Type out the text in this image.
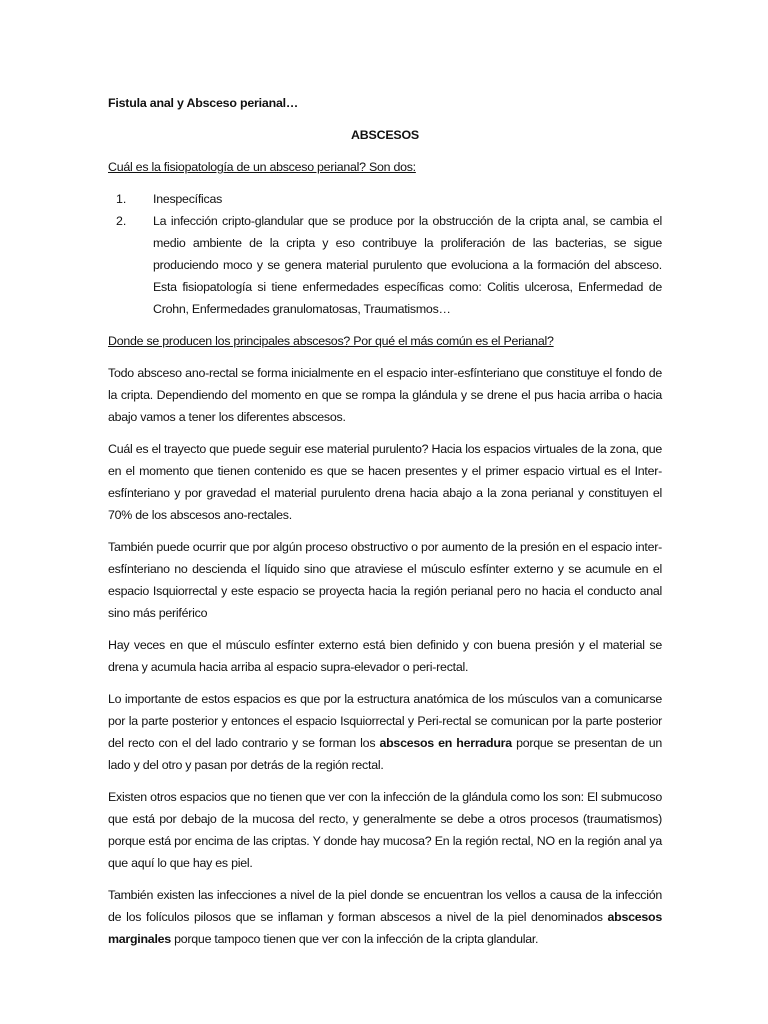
Fistula anal y Absceso perianal…

ABSCESOS

Cuál es la fisiopatología de un absceso perianal? Son dos:

1.	Inespecíficas
2.	La infección cripto-glandular que se produce por la obstrucción de la cripta anal, se cambia el medio ambiente de la cripta y eso contribuye la proliferación de las bacterias, se sigue produciendo moco y se genera material purulento que evoluciona a la formación del absceso. Esta fisiopatología si tiene enfermedades específicas como: Colitis ulcerosa, Enfermedad de Crohn, Enfermedades granulomatosas, Traumatismos…

Donde se producen los principales abscesos? Por qué el más común es el Perianal?

Todo absceso ano-rectal se forma inicialmente en el espacio inter-esfínteriano que constituye el fondo de la cripta. Dependiendo del momento en que se rompa la glándula y se drene el pus hacia arriba o hacia abajo vamos a tener los diferentes abscesos.

Cuál es el trayecto que puede seguir ese material purulento? Hacia los espacios virtuales de la zona, que en el momento que tienen contenido es que se hacen presentes y el primer espacio virtual es el Inter-esfínteriano y por gravedad el material purulento drena hacia abajo a la zona perianal y constituyen el 70% de los abscesos ano-rectales.

También puede ocurrir que por algún proceso obstructivo o por aumento de la presión en el espacio inter-esfínteriano no descienda el líquido sino que atraviese el músculo esfínter externo y se acumule en el espacio Isquiorrectal y este espacio se proyecta hacia la región perianal pero no hacia el conducto anal sino más periférico

Hay veces en que el músculo esfínter externo está bien definido y con buena presión y el material se drena y acumula hacia arriba al espacio supra-elevador o peri-rectal.

Lo importante de estos espacios es que por la estructura anatómica de los músculos van a comunicarse por la parte posterior y entonces el espacio Isquiorrectal y Peri-rectal se comunican por la parte posterior del recto con el del lado contrario y se forman los abscesos en herradura porque se presentan de un lado y del otro y pasan por detrás de la región rectal.

Existen otros espacios que no tienen que ver con la infección de la glándula como los son: El submucoso que está por debajo de la mucosa del recto, y generalmente se debe a otros procesos (traumatismos) porque está por encima de las criptas. Y donde hay mucosa? En la región rectal, NO en la región anal ya que aquí lo que hay es piel.

También existen las infecciones a nivel de la piel donde se encuentran los vellos a causa de la infección de los folículos pilosos que se inflaman y forman abscesos a nivel de la piel denominados abscesos marginales porque tampoco tienen que ver con la infección de la cripta glandular.
